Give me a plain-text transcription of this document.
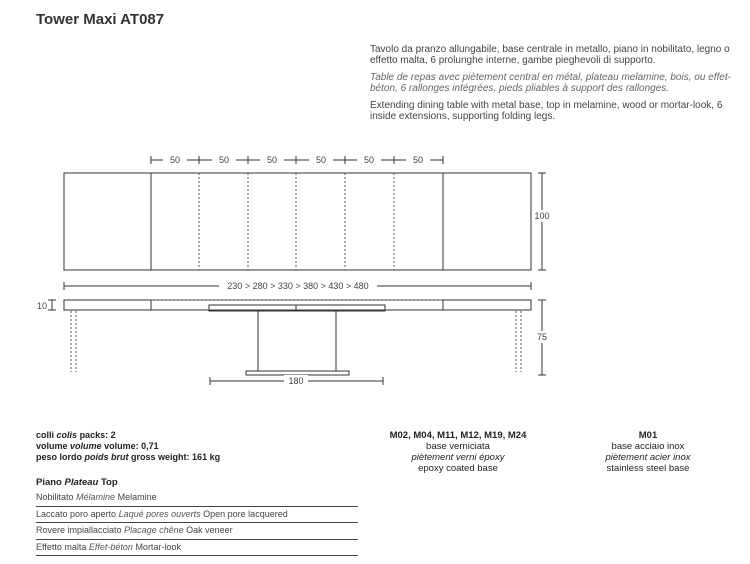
Tower Maxi AT087

Tavolo da pranzo allungabile, base centrale in metallo, piano in nobilitato, legno o effetto malta, 6 prolunghe interne, gambe pieghevoli di supporto.

Table de repas avec piètement central en métal, plateau melamine, bois, ou effet-béton, 6 rallonges intégrées, pieds pliables à support des rallonges.

Extending dining table with metal base, top in melamine, wood or mortar-look, 6 inside extensions, supporting folding legs.

50	50	50	50	50	50
100
230 > 280 > 330 > 380 > 430 > 480
10
75
180
colli colis packs: 2
volume volume volume: 0,71
peso lordo poids brut gross weight: 161 kg
Piano Plateau Top
Nobilitato Mélamine Melamine
Laccato poro aperto Laqué pores ouverts Open pore lacquered
Rovere impiallacciato Placage chêne Oak veneer
Effetto malta Effet-béton Mortar-look
M02, M04, M11, M12, M19, M24
base verniciata
piètement verni époxy
epoxy coated base
M01
base acciaio inox
piètement acier inox
stainless steel base
